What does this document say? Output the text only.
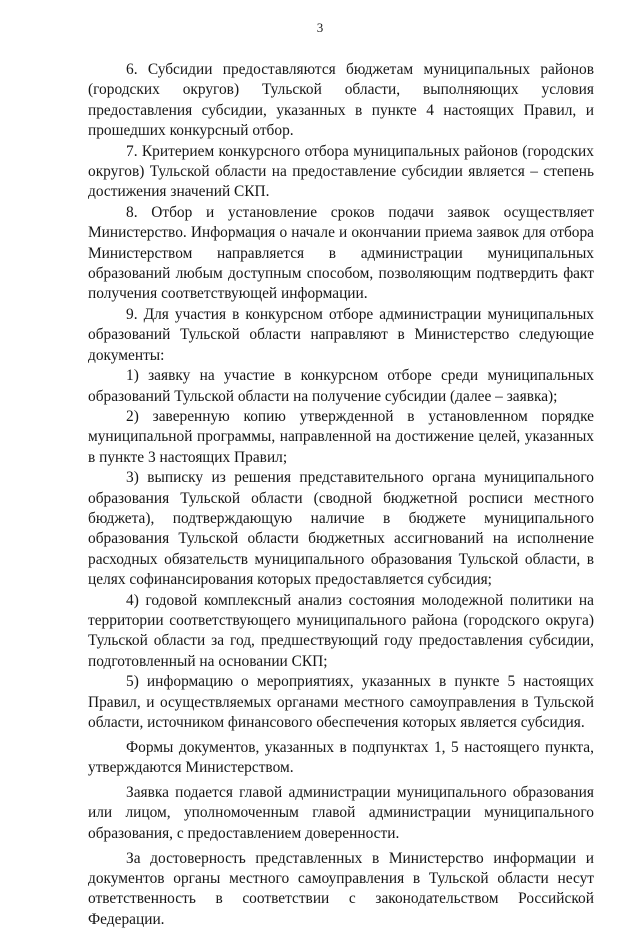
3

6. Субсидии предоставляются бюджетам муниципальных районов (городских округов) Тульской области, выполняющих условия предоставления субсидии, указанных в пункте 4 настоящих Правил, и прошедших конкурсный отбор.

7. Критерием конкурсного отбора муниципальных районов (городских округов) Тульской области на предоставление субсидии является – степень достижения значений СКП.

8. Отбор и установление сроков подачи заявок осуществляет Министерство. Информация о начале и окончании приема заявок для отбора Министерством направляется в администрации муниципальных образований любым доступным способом, позволяющим подтвердить факт получения соответствующей информации.

9. Для участия в конкурсном отборе администрации муниципальных образований Тульской области направляют в Министерство следующие документы:

1) заявку на участие в конкурсном отборе среди муниципальных образований Тульской области на получение субсидии (далее – заявка);

2) заверенную копию утвержденной в установленном порядке муниципальной программы, направленной на достижение целей, указанных в пункте 3 настоящих Правил;

3) выписку из решения представительного органа муниципального образования Тульской области (сводной бюджетной росписи местного бюджета), подтверждающую наличие в бюджете муниципального образования Тульской области бюджетных ассигнований на исполнение расходных обязательств муниципального образования Тульской области, в целях софинансирования которых предоставляется субсидия;

4) годовой комплексный анализ состояния молодежной политики на территории соответствующего муниципального района (городского округа) Тульской области за год, предшествующий году предоставления субсидии, подготовленный на основании СКП;

5) информацию о мероприятиях, указанных в пункте 5 настоящих Правил, и осуществляемых органами местного самоуправления в Тульской области, источником финансового обеспечения которых является субсидия.

Формы документов, указанных в подпунктах 1, 5 настоящего пункта, утверждаются Министерством.

Заявка подается главой администрации муниципального образования или лицом, уполномоченным главой администрации муниципального образования, с предоставлением доверенности.

За достоверность представленных в Министерство информации и документов органы местного самоуправления в Тульской области несут ответственность в соответствии с законодательством Российской Федерации.
